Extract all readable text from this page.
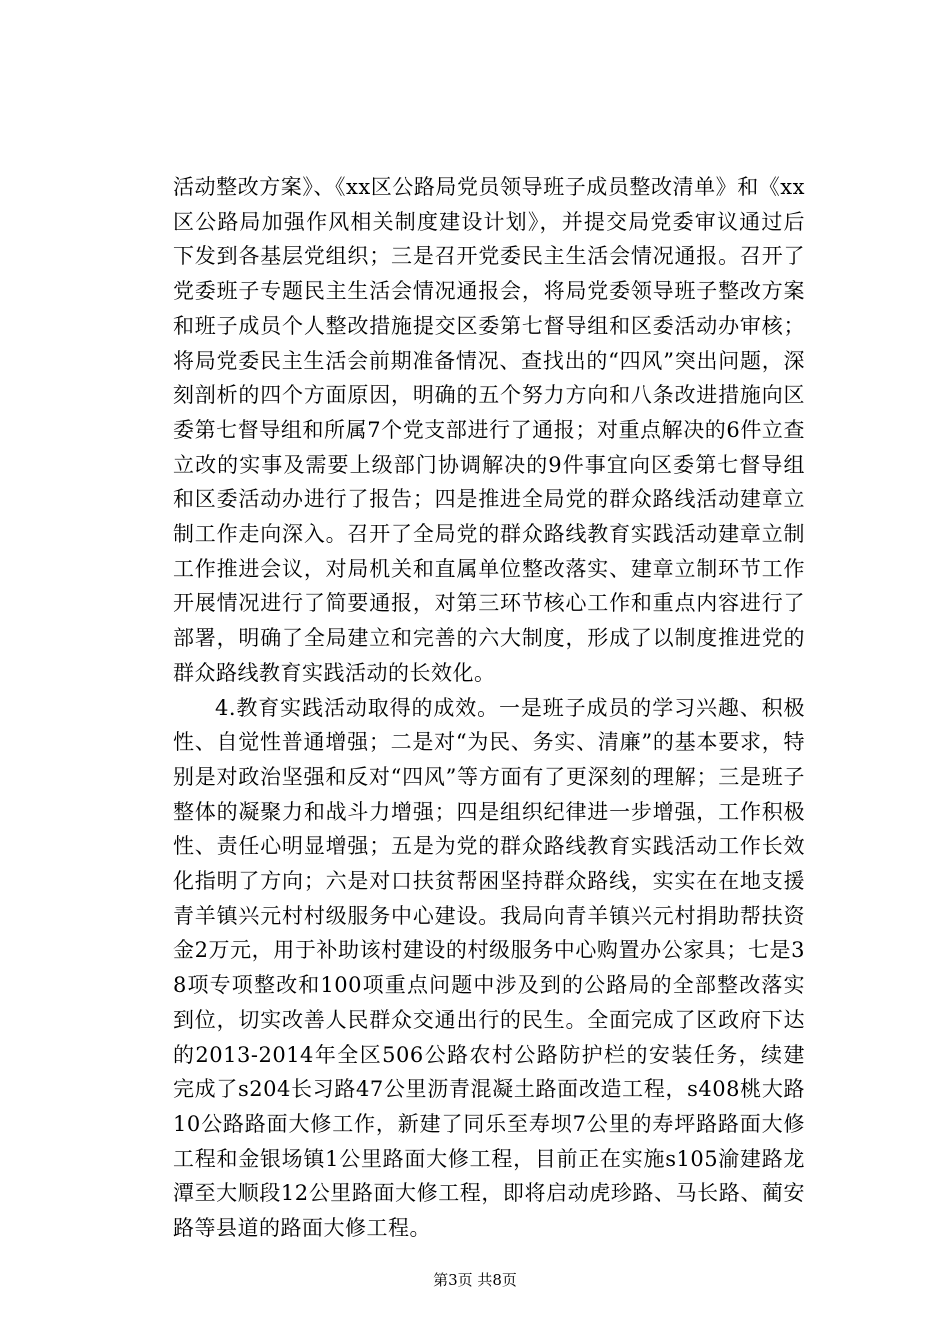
活动整改方案》、《xx区公路局党员领导班子成员整改清单》和《xx区公路局加强作风相关制度建设计划》，并提交局党委审议通过后下发到各基层党组织；三是召开党委民主生活会情况通报。召开了党委班子专题民主生活会情况通报会，将局党委领导班子整改方案和班子成员个人整改措施提交区委第七督导组和区委活动办审核；将局党委民主生活会前期准备情况、查找出的“四风”突出问题，深刻剖析的四个方面原因，明确的五个努力方向和八条改进措施向区委第七督导组和所属7个党支部进行了通报；对重点解决的6件立查立改的实事及需要上级部门协调解决的9件事宜向区委第七督导组和区委活动办进行了报告；四是推进全局党的群众路线活动建章立制工作走向深入。召开了全局党的群众路线教育实践活动建章立制工作推进会议，对局机关和直属单位整改落实、建章立制环节工作开展情况进行了简要通报，对第三环节核心工作和重点内容进行了部署，明确了全局建立和完善的六大制度，形成了以制度推进党的群众路线教育实践活动的长效化。

4.教育实践活动取得的成效。一是班子成员的学习兴趣、积极性、自觉性普通增强；二是对“为民、务实、清廉”的基本要求，特别是对政治坚强和反对“四风”等方面有了更深刻的理解；三是班子整体的凝聚力和战斗力增强；四是组织纪律进一步增强，工作积极性、责任心明显增强；五是为党的群众路线教育实践活动工作长效化指明了方向；六是对口扶贫帮困坚持群众路线，实实在在地支援青羊镇兴元村村级服务中心建设。我局向青羊镇兴元村捐助帮扶资金2万元，用于补助该村建设的村级服务中心购置办公家具；七是38项专项整改和100项重点问题中涉及到的公路局的全部整改落实到位，切实改善人民群众交通出行的民生。全面完成了区政府下达的2013-2014年全区506公路农村公路防护栏的安装任务，续建完成了s204长习路47公里沥青混凝土路面改造工程，s408桃大路10公路路面大修工作，新建了同乐至寿坝7公里的寿坪路路面大修工程和金银场镇1公里路面大修工程，目前正在实施s105渝建路龙潭至大顺段12公里路面大修工程，即将启动虎珍路、马长路、蔺安路等县道的路面大修工程。

第3页 共8页
